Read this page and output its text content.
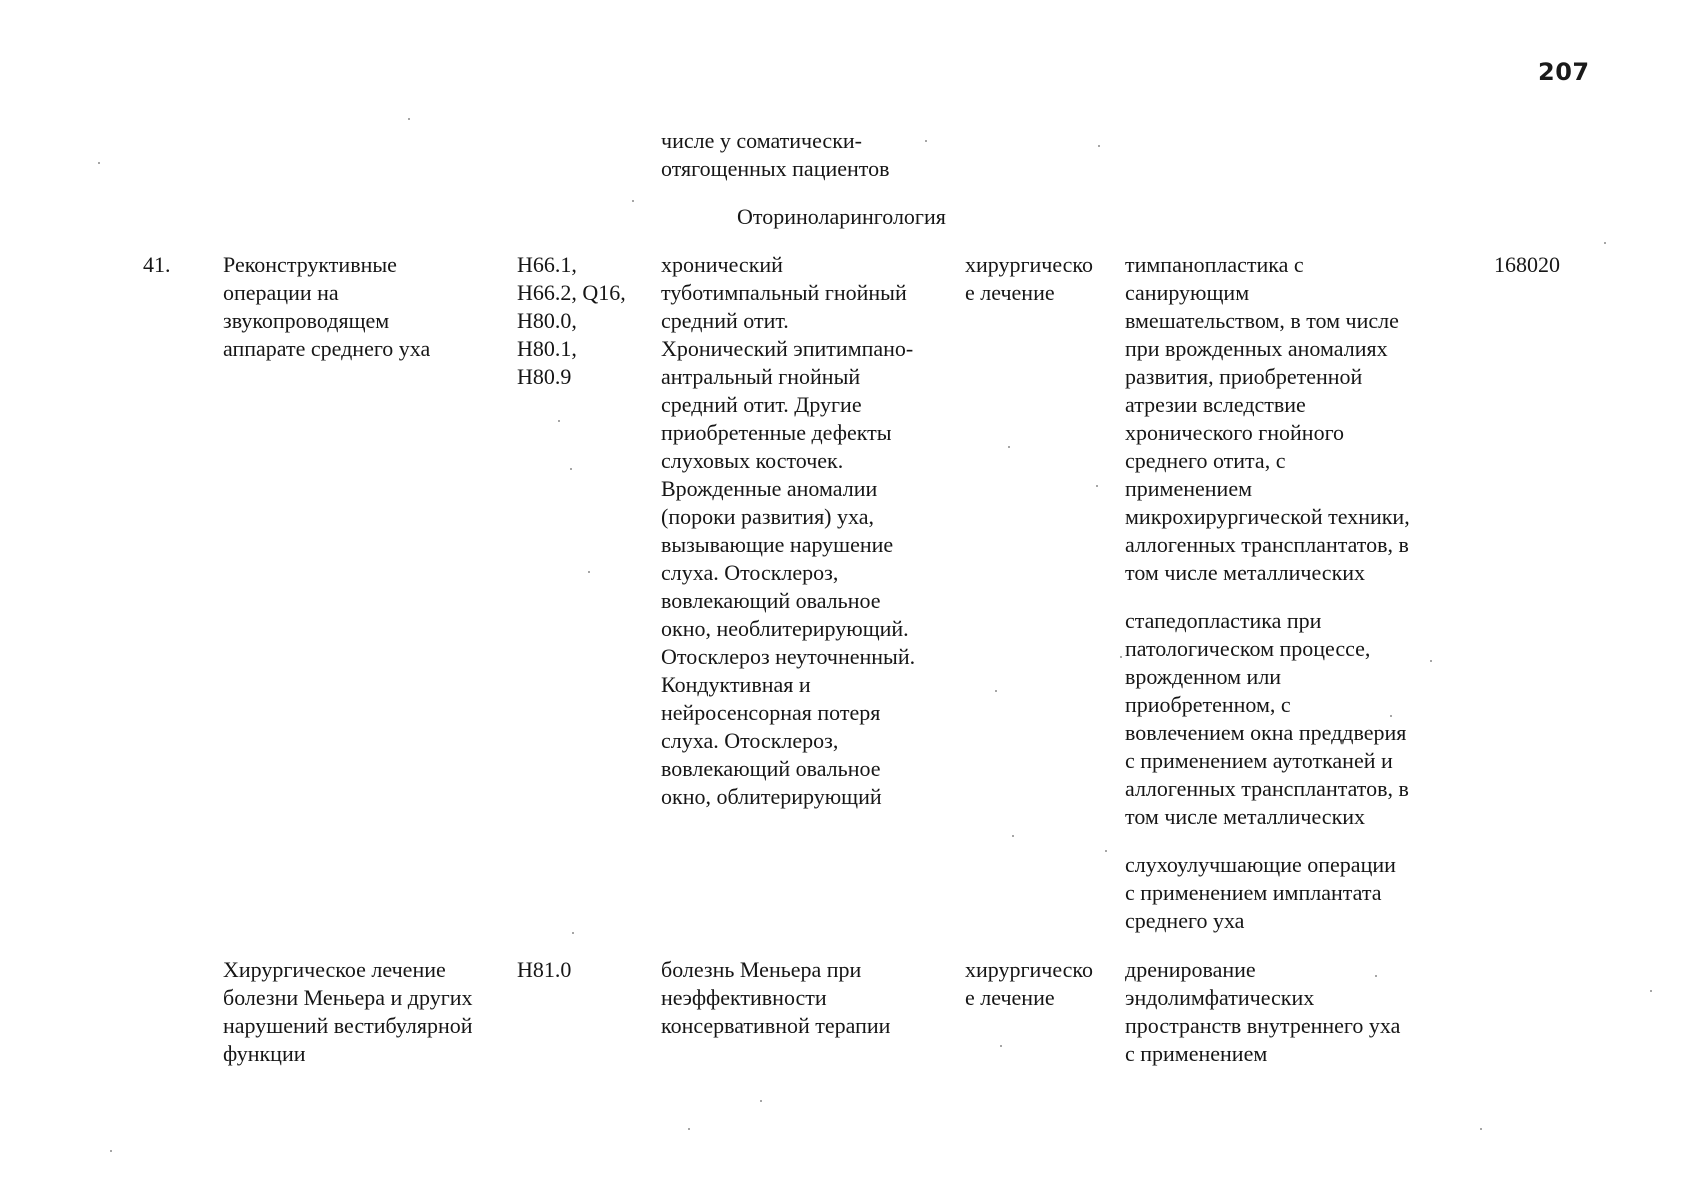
207
числе у соматически-
отягощенных пациентов
Оториноларингология
41.	Реконструктивные
операции на
звукопроводящем
аппарате среднего уха
H66.1,
H66.2, Q16,
H80.0,
H80.1,
H80.9
хронический
туботимпальный гнойный
средний отит.
Хронический эпитимпано-
антральный гнойный
средний отит. Другие
приобретенные дефекты
слуховых косточек.
Врожденные аномалии
(пороки развития) уха,
вызывающие нарушение
слуха. Отосклероз,
вовлекающий овальное
окно, необлитерирующий.
Отосклероз неуточненный.
Кондуктивная и
нейросенсорная потеря
слуха. Отосклероз,
вовлекающий овальное
окно, облитерирующий
хирургическо
е лечение
тимпанопластика с
санирующим
вмешательством, в том числе
при врожденных аномалиях
развития, приобретенной
атрезии вследствие
хронического гнойного
среднего отита, с
применением
микрохирургической техники,
аллогенных трансплантатов, в
том числе металлических
стапедопластика при
патологическом процессе,
врожденном или
приобретенном, с
вовлечением окна преддверия
с применением аутотканей и
аллогенных трансплантатов, в
том числе металлических
слухоулучшающие операции
с применением имплантата
среднего уха
168020
Хирургическое лечение
болезни Меньера и других
нарушений вестибулярной
функции
H81.0	болезнь Меньера при
неэффективности
консервативной терапии
хирургическо
е лечение
дренирование
эндолимфатических
пространств внутреннего уха
с применением
